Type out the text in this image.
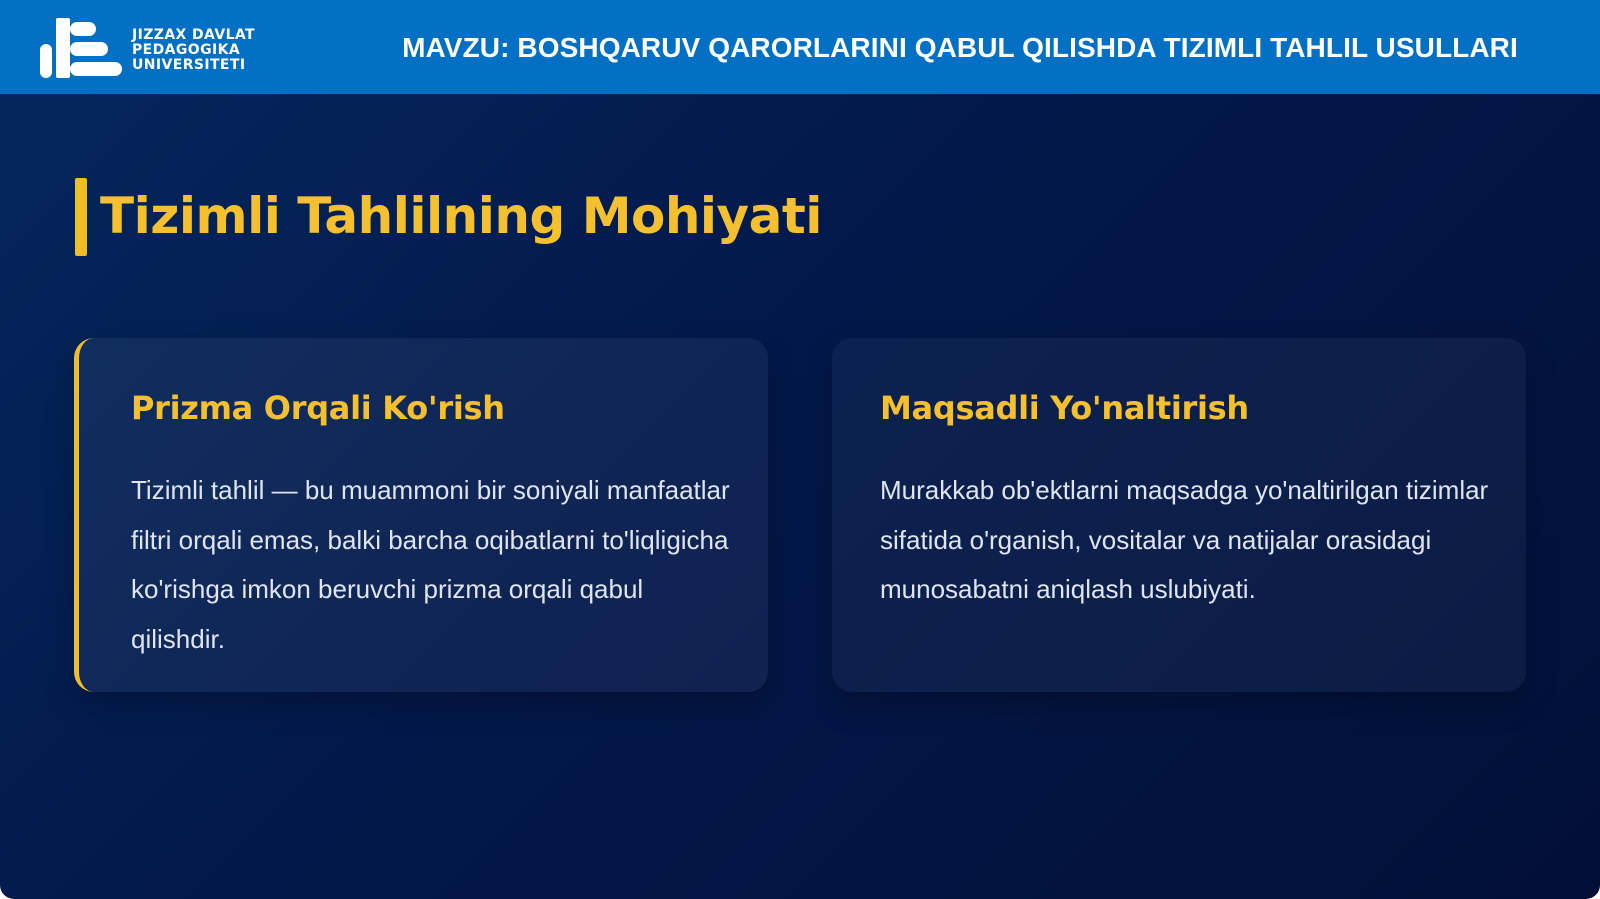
JIZZAX DAVLAT
PEDAGOGIKA
UNIVERSITETI
MAVZU: BOSHQARUV QARORLARINI QABUL QILISHDA TIZIMLI TAHLIL USULLARI
Tizimli Tahlilning Mohiyati
Prizma Orqali Ko'rish
Tizimli tahlil — bu muammoni bir soniyali manfaatlar filtri orqali emas, balki barcha oqibatlarni to'liqligicha ko'rishga imkon beruvchi prizma orqali qabul qilishdir.
Maqsadli Yo'naltirish
Murakkab ob'ektlarni maqsadga yo'naltirilgan tizimlar sifatida o'rganish, vositalar va natijalar orasidagi munosabatni aniqlash uslubiyati.
